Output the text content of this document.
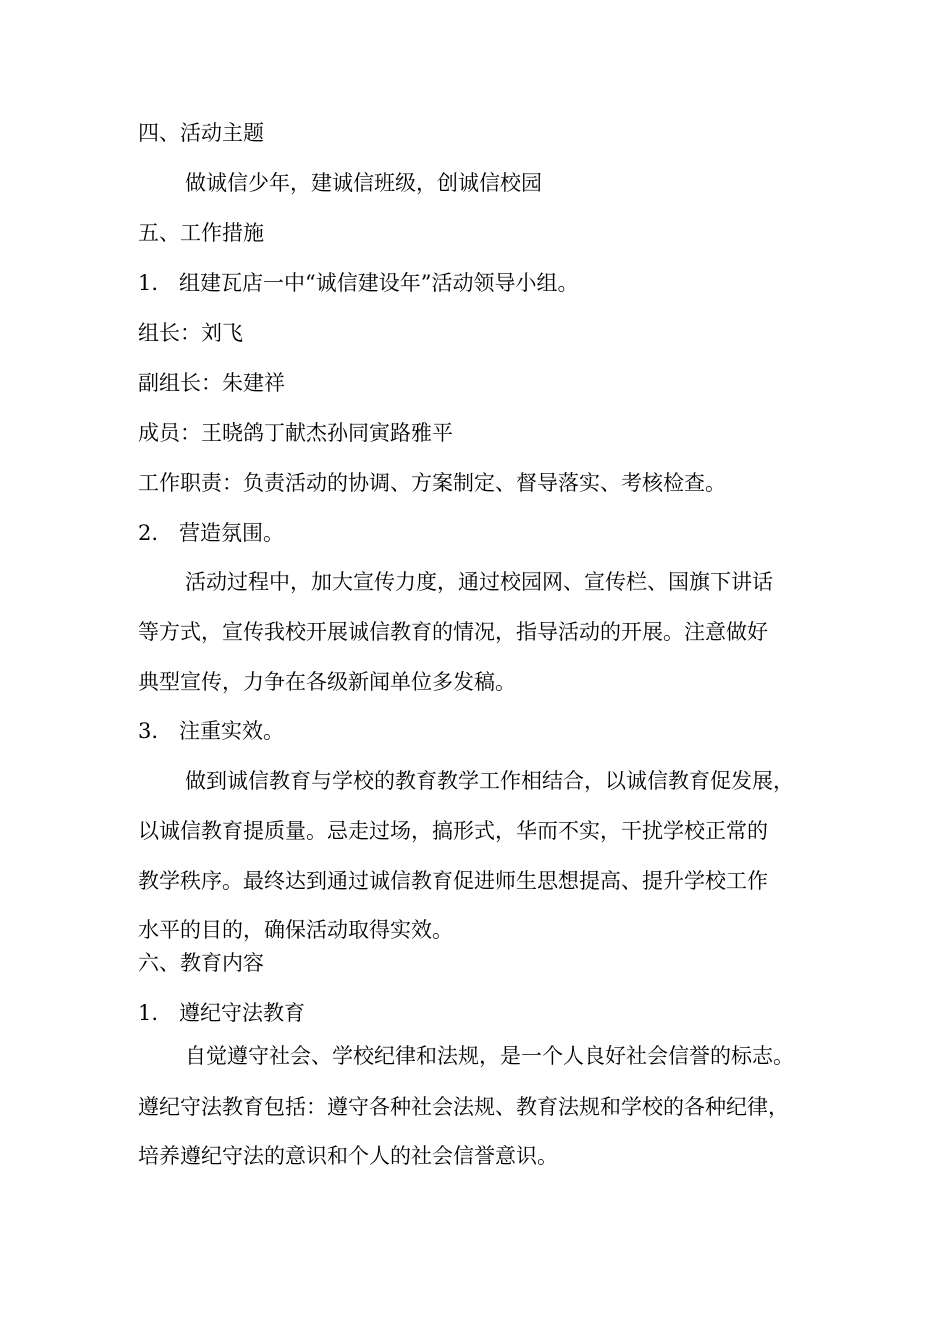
四、活动主题
做诚信少年，建诚信班级，创诚信校园
五、工作措施
1.　组建瓦店一中“诚信建设年”活动领导小组。
组长：刘飞
副组长：朱建祥
成员：王晓鸽丁献杰孙同寅路雅平
工作职责：负责活动的协调、方案制定、督导落实、考核检查。
2.　营造氛围。
活动过程中，加大宣传力度，通过校园网、宣传栏、国旗下讲话
等方式，宣传我校开展诚信教育的情况，指导活动的开展。注意做好
典型宣传，力争在各级新闻单位多发稿。
3.　注重实效。
做到诚信教育与学校的教育教学工作相结合，以诚信教育促发展，
以诚信教育提质量。忌走过场，搞形式，华而不实，干扰学校正常的
教学秩序。最终达到通过诚信教育促进师生思想提高、提升学校工作
水平的目的，确保活动取得实效。
六、教育内容
1.　遵纪守法教育
自觉遵守社会、学校纪律和法规，是一个人良好社会信誉的标志。
遵纪守法教育包括：遵守各种社会法规、教育法规和学校的各种纪律，
培养遵纪守法的意识和个人的社会信誉意识。
